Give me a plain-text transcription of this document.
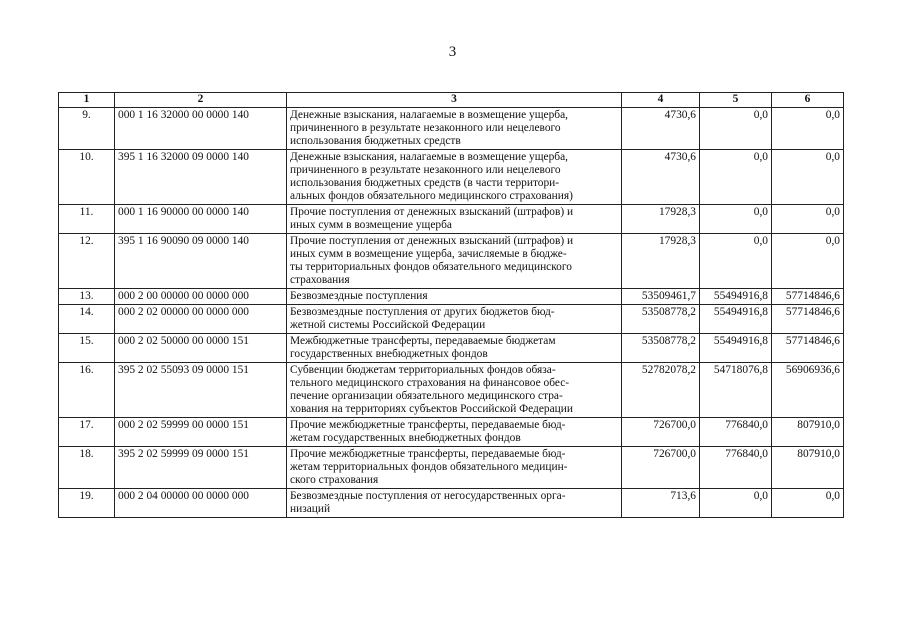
3
1	2	3	4	5	6
9.	000 1 16 32000 00 0000 140	Денежные взыскания, налагаемые в возмещение ущерба,
причиненного в результате незаконного или нецелевого
использования бюджетных средств	4730,6	0,0	0,0
10.	395 1 16 32000 09 0000 140	Денежные взыскания, налагаемые в возмещение ущерба,
причиненного в результате незаконного или нецелевого
использования бюджетных средств (в части территори-
альных фондов обязательного медицинского страхования)	4730,6	0,0	0,0
11.	000 1 16 90000 00 0000 140	Прочие поступления от денежных взысканий (штрафов) и
иных сумм в возмещение ущерба	17928,3	0,0	0,0
12.	395 1 16 90090 09 0000 140	Прочие поступления от денежных взысканий (штрафов) и
иных сумм в возмещение ущерба, зачисляемые в бюдже-
ты территориальных фондов обязательного медицинского
страхования	17928,3	0,0	0,0
13.	000 2 00 00000 00 0000 000	Безвозмездные поступления	53509461,7	55494916,8	57714846,6
14.	000 2 02 00000 00 0000 000	Безвозмездные поступления от других бюджетов бюд-
жетной системы Российской Федерации	53508778,2	55494916,8	57714846,6
15.	000 2 02 50000 00 0000 151	Межбюджетные трансферты, передаваемые бюджетам
государственных внебюджетных фондов	53508778,2	55494916,8	57714846,6
16.	395 2 02 55093 09 0000 151	Субвенции бюджетам территориальных фондов обяза-
тельного медицинского страхования на финансовое обес-
печение организации обязательного медицинского стра-
хования на территориях субъектов Российской Федерации	52782078,2	54718076,8	56906936,6
17.	000 2 02 59999 00 0000 151	Прочие межбюджетные трансферты, передаваемые бюд-
жетам государственных внебюджетных фондов	726700,0	776840,0	807910,0
18.	395 2 02 59999 09 0000 151	Прочие межбюджетные трансферты, передаваемые бюд-
жетам территориальных фондов обязательного медицин-
ского страхования	726700,0	776840,0	807910,0
19.	000 2 04 00000 00 0000 000	Безвозмездные поступления от негосударственных орга-
низаций	713,6	0,0	0,0
